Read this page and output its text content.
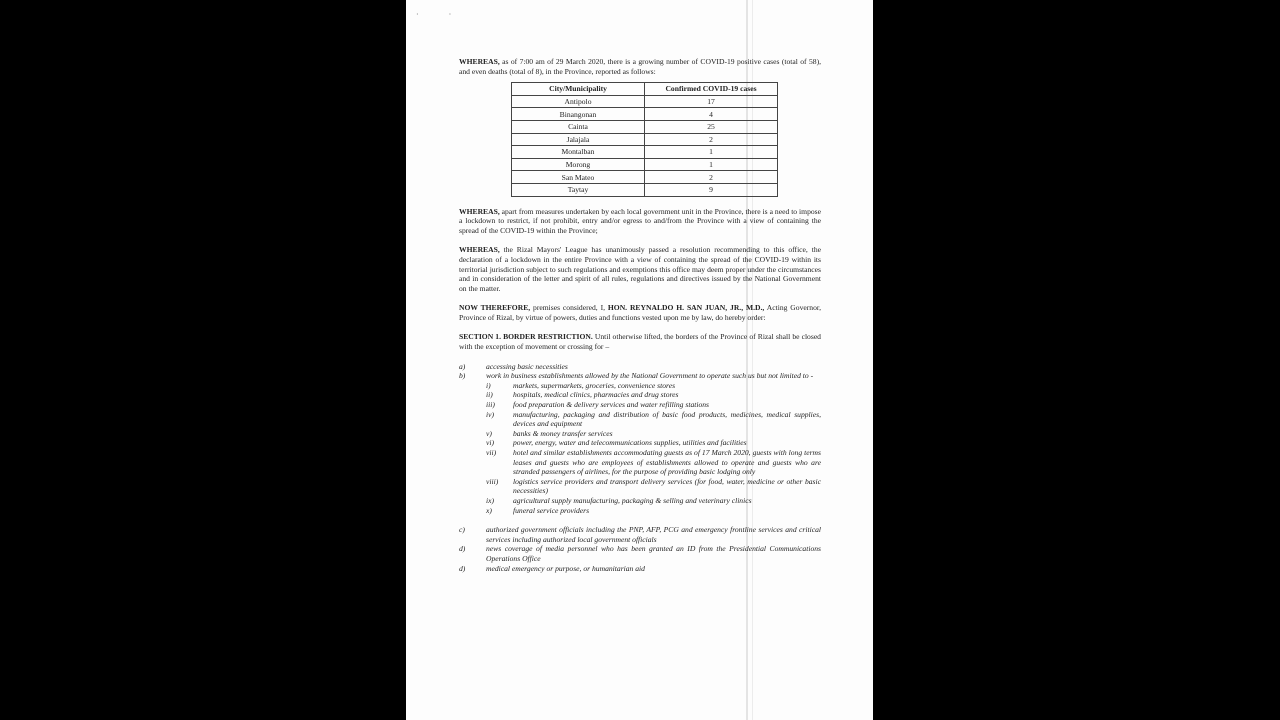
· ·

WHEREAS, as of 7:00 am of 29 March 2020, there is a growing number of COVID-19 positive cases (total of 58), and even deaths (total of 8), in the Province, reported as follows:

City/Municipality	Confirmed COVID-19 cases
Antipolo	17
Binangonan	4
Cainta	25
Jalajala	2
Montalban	1
Morong	1
San Mateo	2
Taytay	9

WHEREAS, apart from measures undertaken by each local government unit in the Province, there is a need to impose a lockdown to restrict, if not prohibit, entry and/or egress to and/from the Province with a view of containing the spread of the COVID-19 within the Province;

WHEREAS, the Rizal Mayors' League has unanimously passed a resolution recommending to this office, the declaration of a lockdown in the entire Province with a view of containing the spread of the COVID-19 within its territorial jurisdiction subject to such regulations and exemptions this office may deem proper under the circumstances and in consideration of the letter and spirit of all rules, regulations and directives issued by the National Government on the matter.

NOW THEREFORE, premises considered, I, HON. REYNALDO H. SAN JUAN, JR., M.D., Acting Governor, Province of Rizal, by virtue of powers, duties and functions vested upon me by law, do hereby order:

SECTION 1. BORDER RESTRICTION. Until otherwise lifted, the borders of the Province of Rizal shall be closed with the exception of movement or crossing for –

a)	accessing basic necessities
b)	work in business establishments allowed by the National Government to operate such us but not limited to -
i)	markets, supermarkets, groceries, convenience stores
ii)	hospitals, medical clinics, pharmacies and drug stores
iii)	food preparation & delivery services and water refilling stations
iv)	manufacturing, packaging and distribution of basic food products, medicines, medical supplies, devices and equipment
v)	banks & money transfer services
vi)	power, energy, water and telecommunications supplies, utilities and facilities
vii)	hotel and similar establishments accommodating guests as of 17 March 2020, guests with long terms leases and guests who are employees of establishments allowed to operate and guests who are stranded passengers of airlines, for the purpose of providing basic lodging only
viii)	logistics service providers and transport delivery services (for food, water, medicine or other basic necessities)
ix)	agricultural supply manufacturing, packaging & selling and veterinary clinics
x)	funeral service providers
c)	authorized government officials including the PNP, AFP, PCG and emergency frontline services and critical services including authorized local government officials
d)	news coverage of media personnel who has been granted an ID from the Presidential Communications Operations Office
d)	medical emergency or purpose, or humanitarian aid
